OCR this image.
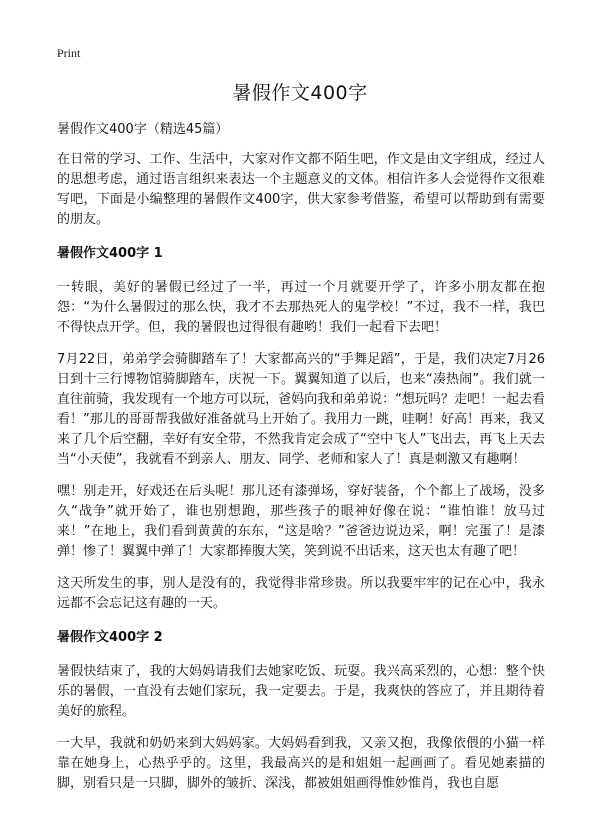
Print
暑假作文400字
暑假作文400字（精选45篇）

在日常的学习、工作、生活中，大家对作文都不陌生吧，作文是由文字组成，经过人的思想考虑，通过语言组织来表达一个主题意义的文体。相信许多人会觉得作文很难写吧，下面是小编整理的暑假作文400字，供大家参考借鉴，希望可以帮助到有需要的朋友。

暑假作文400字 1

一转眼，美好的暑假已经过了一半，再过一个月就要开学了，许多小朋友都在抱怨：“为什么暑假过的那么快，我才不去那热死人的鬼学校！”不过，我不一样，我巴不得快点开学。但，我的暑假也过得很有趣哟！我们一起看下去吧！

7月22日，弟弟学会骑脚踏车了！大家都高兴的“手舞足蹈”，于是，我们决定7月26日到十三行博物馆骑脚踏车，庆祝一下。翼翼知道了以后，也来“凑热闹”。我们就一直往前骑，我发现有一个地方可以玩，爸妈向我和弟弟说：“想玩吗？走吧！一起去看看！”那儿的哥哥帮我做好准备就马上开始了。我用力一跳，哇啊！好高！再来，我又来了几个后空翻，幸好有安全带，不然我肯定会成了“空中飞人”飞出去，再飞上天去当“小天使”，我就看不到亲人、朋友、同学、老师和家人了！真是刺激又有趣啊！

嘿！别走开，好戏还在后头呢！那儿还有漆弹场，穿好装备，个个都上了战场，没多久“战争”就开始了，谁也别想跑，那些孩子的眼神好像在说：“谁怕谁！放马过来！”在地上，我们看到黄黄的东东，“这是啥？”爸爸边说边采，啊！完蛋了！是漆弹！惨了！翼翼中弹了！大家都捧腹大笑，笑到说不出话来，这天也太有趣了吧！

这天所发生的事，别人是没有的，我觉得非常珍贵。所以我要牢牢的记在心中，我永远都不会忘记这有趣的一天。

暑假作文400字 2

暑假快结束了，我的大妈妈请我们去她家吃饭、玩耍。我兴高采烈的，心想：整个快乐的暑假，一直没有去她们家玩，我一定要去。于是，我爽快的答应了，并且期待着美好的旅程。

一大早，我就和奶奶来到大妈妈家。大妈妈看到我，又亲又抱，我像依偎的小猫一样靠在她身上，心热乎乎的。这里，我最高兴的是和姐姐一起画画了。看见她素描的脚，别看只是一只脚，脚外的皱折、深浅，都被姐姐画得惟妙惟肖，我也自愿
